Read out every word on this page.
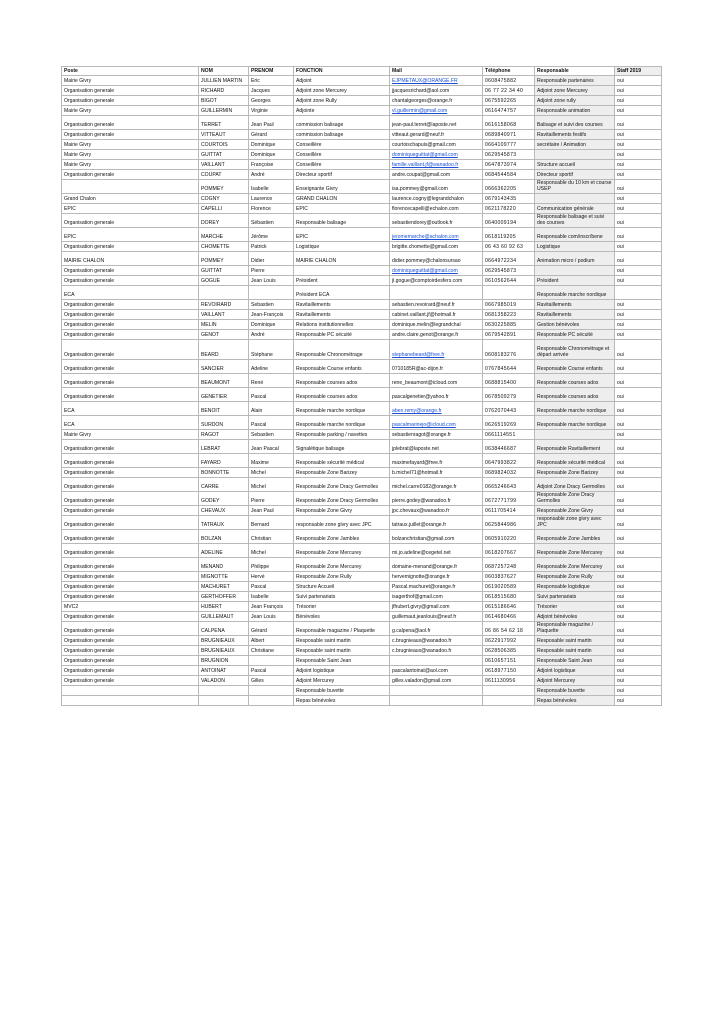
Poste	NOM	PRENOM	FONCTION	Mail	Téléphone	Responsable	Staff 2019
Mairie Givry	JULLIEN MARTIN	Eric	Adjoint	EJPMETAUX@ORANGE.FR	0608475882	Responsable partenaires	oui
Organisation generale	RICHARD	Jacques	Adjoint zone Mercurey	jjacquesrichard@aol.com	06 77 22 34 40	Adjoint zone Mercurey	oui
Organisation generale	BIGOT	Georges	Adjoint zone Rully	chantalgeorges@orange.fr	0675592265	Adjoint zone rully	oui
Mairie Givry	GUILLERMIN	Virginie	Adjointe	vl.guillermin@gmail.com	0616474757	Responsable animation	oui
Organisation generale	TERRET	Jean Paul	commission balisage	jean-paul.terret@laposte.net	0616158068	Balisage et suivi des courses	oui
Organisation generale	VITTEAUT	Gérard	commission balisage	vitteaut.gerard@neuf.fr	0689840971	Ravitaillements festifs	oui
Mairie Givry	COURTOIS	Dominique	Conseillère	courtoischapuis@gmail.com	0664109777	secrétaire / Animation	oui
Mairie Givry	GUITTAT	Dominique	Conseillère	dominiqueguittat@gmail.com	0629545873		oui
Mairie Givry	VAILLANT	Françoise	Conseillère	famille.vaillant.jf@wanadoo.fr	0647873974	Structure accueil	oui
Organisation generale	COUPAT	André	Directeur sportif	andre.coupat@gmail.com	0684544584	Directeur sportif	oui
	POMMEY	Isabelle	Enseignante Givry	isa.pommey@gmail.com	0666362205	Responsable du 10 km et course USEP	oui
Grand Chalon	COGNY	Laurence	GRAND CHALON	laurence.cogny@legrandchalon	0679143435		oui
EPIC	CAPELLI	Florence	EPIC	florencecapelli@echalon.com	0621178220	Communication générale	oui
Organisation generale	DOREY	Sébastien	Responsable balisage	sebastiendorey@outlook.fr	0640009194	Responsable balisage et suivi des courses	oui
EPIC	MARCHE	Jérôme	EPIC	jeromemarche@achalon.com	0618119205	Responsable com/inscr/bene	oui
Organisation generale	CHOMETTE	Patrick	Logistique	brigitte.chomette@gmail.com	06 43 60 92 63	Logistique	oui
MAIRIE CHALON	POMMEY	Didier	MAIRIE CHALON	didier.pommey@chalonsursao	0664972234	Animation micro / podium	oui
Organisation generale	GUITTAT	Pierre		dominiqueguittat@gmail.com	0629545873		oui
Organisation generale	GOGUE	Jean Louis	Président	jl.gogue@comptoirdesfers.com	0610562644	Président	oui
ECA			Président ECA			Responsable marche nordique	
Organisation generale	REVOIRARD	Sebastien	Ravitaillements	sebastien.revoirard@neuf.fr	0667985019	Ravitaillements	oui
Organisation generale	VAILLANT	Jean-François	Ravitaillements	cabinet.vaillant.jf@hotmail.fr	0681358223	Ravitaillements	oui
Organisation generale	MELIN	Dominique	Relations institutionnelles	dominique.melin@legrandchal	0630225885	Gestion bénévoles	oui
Organisation generale	GENOT	André	Responsable PC sécuité	andre.claire.genot@orange.fr	0679542891	Responsable PC sécuité	oui
Organisation generale	BEARD	Stéphane	Responsable Chronométrage	stephanebeard@free.fr	0608183276	Responsable Chronométrage et départ arrivée	oui
Organisation generale	SANCIER	Adeline	Responsable Course enfants	0710185R@ac-dijon.fr	0767845644	Responsable Course enfants	oui
Organisation generale	BEAUMONT	René	Responsable courses ados	rene_beaumont@icloud.com	0688815400	Responsable courses ados	oui
Organisation generale	GENETIER	Pascal	Responsable courses ados	pascalgenetier@yahoo.fr	0678509279	Responsable courses ados	oui
ECA	BENOIT	Alain	Responsable marche nordique	aben.remy@orange.fr	0762070443	Responsable marche nordique	oui
ECA	SURDON	Pascal	Responsable marche nordique	pascalmarinejo@icloud.com	0626519269	Responsable marche nordique	oui
Mairie Givry	RAGOT	Sebastien	Responsable parking / navettes	sebastienragot@orange.fr	0661114551		oui
Organisation generale	LEBRAT	Jean Pascal	Signalétique balisage	jplebrat@laposte.net	0638446687	Responsable Ravitaillement	oui
Organisation generale	FAYARD	Maxime	Responsable sécurité médical	maximefayard@free.fr	0647993822	Responsable sécurité médical	oui
Organisation generale	BONNOTTE	Michel	Responsable Zone Barizey	b.michel71@hotmail.fr	0689824032	Responsable Zone Barizey	oui
Organisation generale	CARRE	Michel	Responsable Zone Dracy Germolles	michel.carre0182@orange.fr	0665246643	Adjoint Zone Dracy Germolles	oui
Organisation generale	GODEY	Pierre	Responsable Zone Dracy Germolles	pierre.godey@wanadoo.fr	0672771799	Responsable Zone Dracy Germolles	oui
Organisation generale	CHEVAUX	Jean Paul	Responsable Zone Givry	jpc.chevaux@wanadoo.fr	0611705414	Responsable Zone Givry	oui
Organisation generale	TATRAUX	Bernard	responsable zone givry avec JPC	tatraux.juillet@orange.fr	0625844986	responsable zone givry avec JPC	oui
Organisation generale	BOLZAN	Christian	Responsable Zone Jambles	bolzanchristian@gmail.com	0605910220	Responsable Zone Jambles	oui
Organisation generale	ADELINE	Michel	Responsable Zone Mercurey	mi.jo.adeline@cegetel.net	0618207667	Responsable Zone Mercurey	oui
Organisation generale	MENAND	Philippe	Responsable Zone Mercurey	domaine-menand@orange.fr	0687257248	Responsable Zone Mercurey	oui
Organisation generale	MIGNOTTE	Hervé	Responsable Zone Rully	hervemignotte@orange.fr	0603837627	Responsable Zone Rully	oui
Organisation generale	MACHURET	Pascal	Structure Accueil	Pascal.machuret@orange.fr	0619020589	Responsable logistique	oui
Organisation generale	GERTHOFFER	Isabelle	Suivi partenariats	isagerthof@gmail.com	0618515680	Suivi partenariats	oui
MVC2	HUBERT	Jean François	Trésorier	jfhubert.givry@gmail.com	0615186646	Trésorier	oui
Organisation generale	GUILLEMAUT	Jean Louis	Bénévoles	guillemaut.jeanlouis@neuf.fr	0614680466	Adjoint bénévoles	oui
Organisation generale	CALPENA	Gérard	Responsable magazine / Plaquette	g.calpena@aol.fr	06 86 54 62 18	Responsable magazine / Plaquette	oui
Organisation generale	BRUGNIEAUX	Albert	Resposable saint martin	c.brugnieaux@wanadoo.fr	0622917992	Resposable saint martin	oui
Organisation generale	BRUGNIEAUX	Christiane	Resposable saint martin	c.brugnieaux@wanadoo.fr	0628506385	Resposable saint martin	oui
Organisation generale	BRUGNION		Responsable Saint Jean		0610657151	Responsable Saint Jean	oui
Organisation generale	ANTOINAT	Pascal	Adjoint logistique	pascalantoinat@aol.com	0618977150	Adjoint logistique	oui
Organisation generale	VALADON	Gilles	Adjoint Mercurey	gilles.valadon@gmail.com	0611130956	Adjoint Mercurey	oui
			Responsable buvette			Responsable buvette	oui
			Repas bénévoles			Repas bénévoles	oui
